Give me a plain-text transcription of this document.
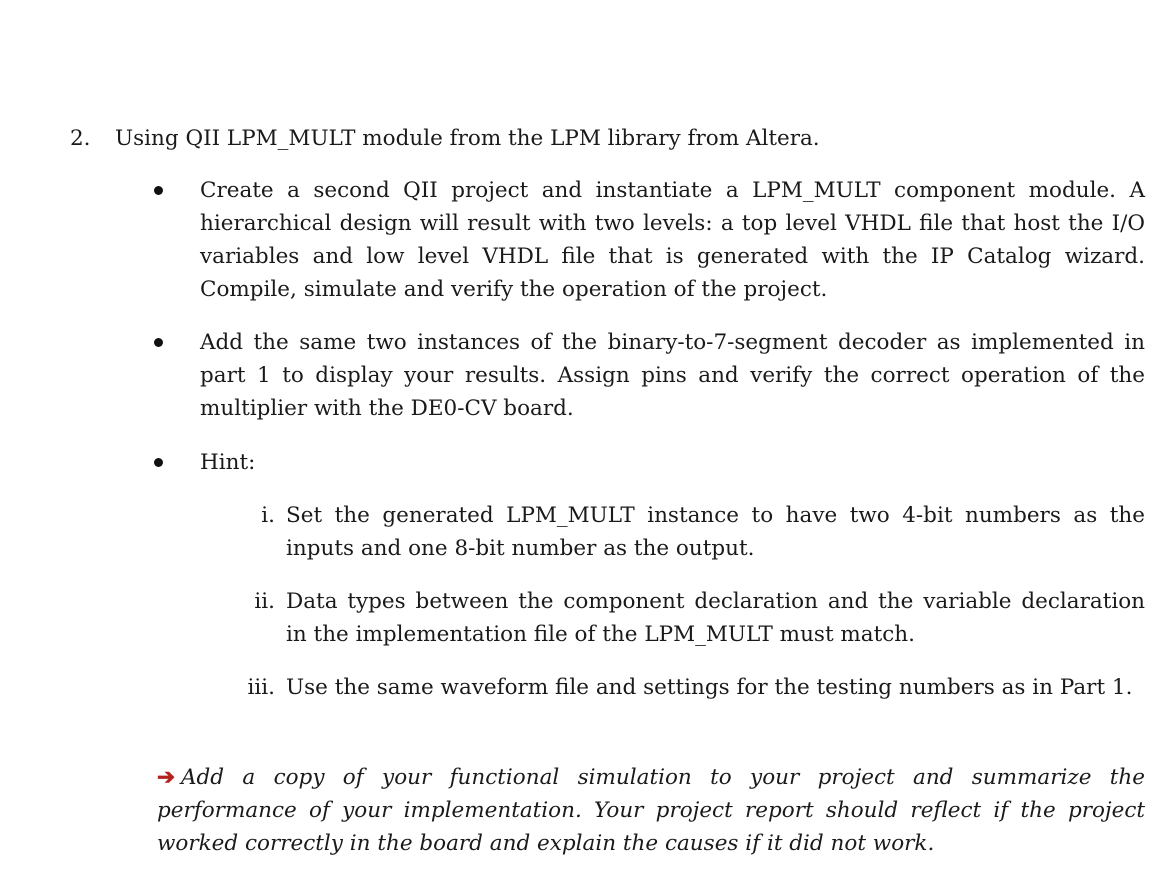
2. Using QII LPM_MULT module from the LPM library from Altera.
Create a second QII project and instantiate a LPM_MULT component module. A hierarchical design will result with two levels: a top level VHDL file that host the I/O variables and low level VHDL file that is generated with the IP Catalog wizard. Compile, simulate and verify the operation of the project.
Add the same two instances of the binary-to-7-segment decoder as implemented in part 1 to display your results. Assign pins and verify the correct operation of the multiplier with the DE0-CV board.
Hint:
i. Set the generated LPM_MULT instance to have two 4-bit numbers as the inputs and one 8-bit number as the output.
ii. Data types between the component declaration and the variable declaration in the implementation file of the LPM_MULT must match.
iii. Use the same waveform file and settings for the testing numbers as in Part 1.
➔ Add a copy of your functional simulation to your project and summarize the performance of your implementation. Your project report should reflect if the project worked correctly in the board and explain the causes if it did not work.
